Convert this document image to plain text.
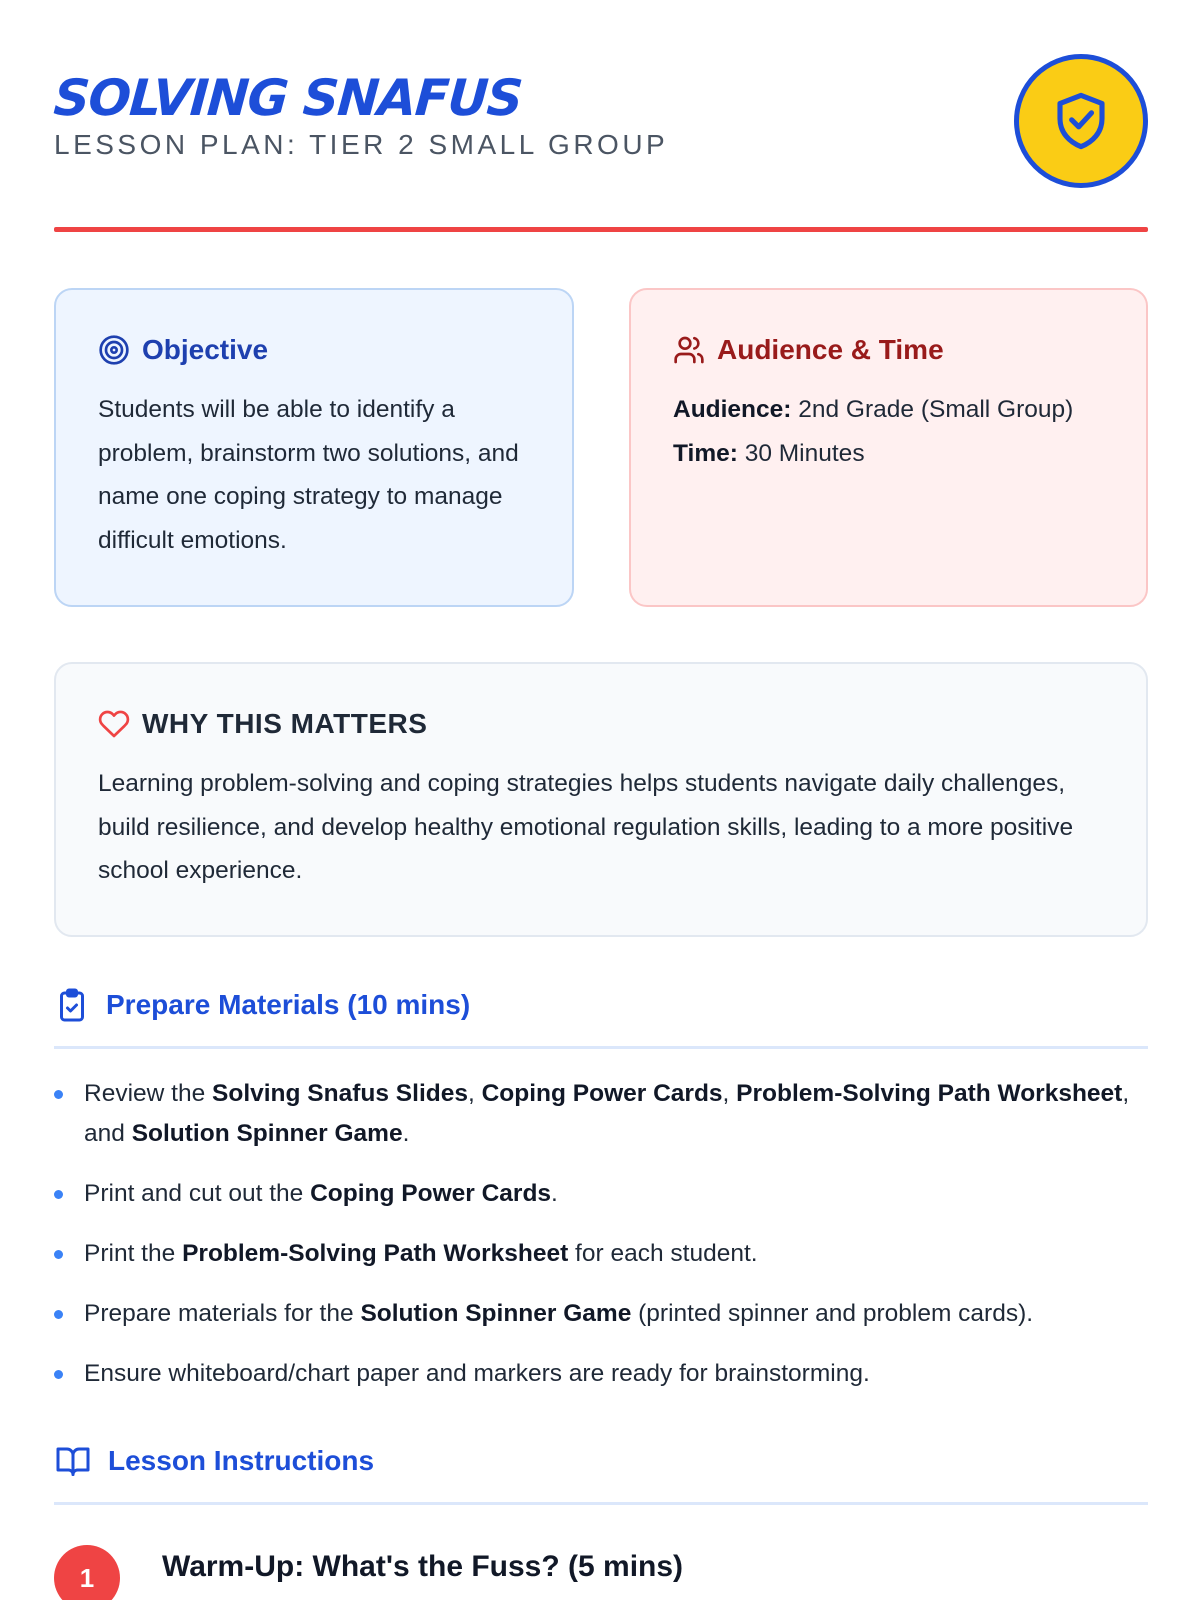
SOLVING SNAFUS
LESSON PLAN: TIER 2 SMALL GROUP
Objective

Students will be able to identify a problem, brainstorm two solutions, and name one coping strategy to manage difficult emotions.

Audience & Time
Audience: 2nd Grade (Small Group)
Time: 30 Minutes
WHY THIS MATTERS

Learning problem-solving and coping strategies helps students navigate daily challenges, build resilience, and develop healthy emotional regulation skills, leading to a more positive school experience.

Prepare Materials (10 mins)
Review the Solving Snafus Slides, Coping Power Cards, Problem-Solving Path Worksheet, and Solution Spinner Game.
Print and cut out the Coping Power Cards.
Print the Problem-Solving Path Worksheet for each student.
Prepare materials for the Solution Spinner Game (printed spinner and problem cards).
Ensure whiteboard/chart paper and markers are ready for brainstorming.
Lesson Instructions
1	Warm-Up: What's the Fuss? (5 mins)
